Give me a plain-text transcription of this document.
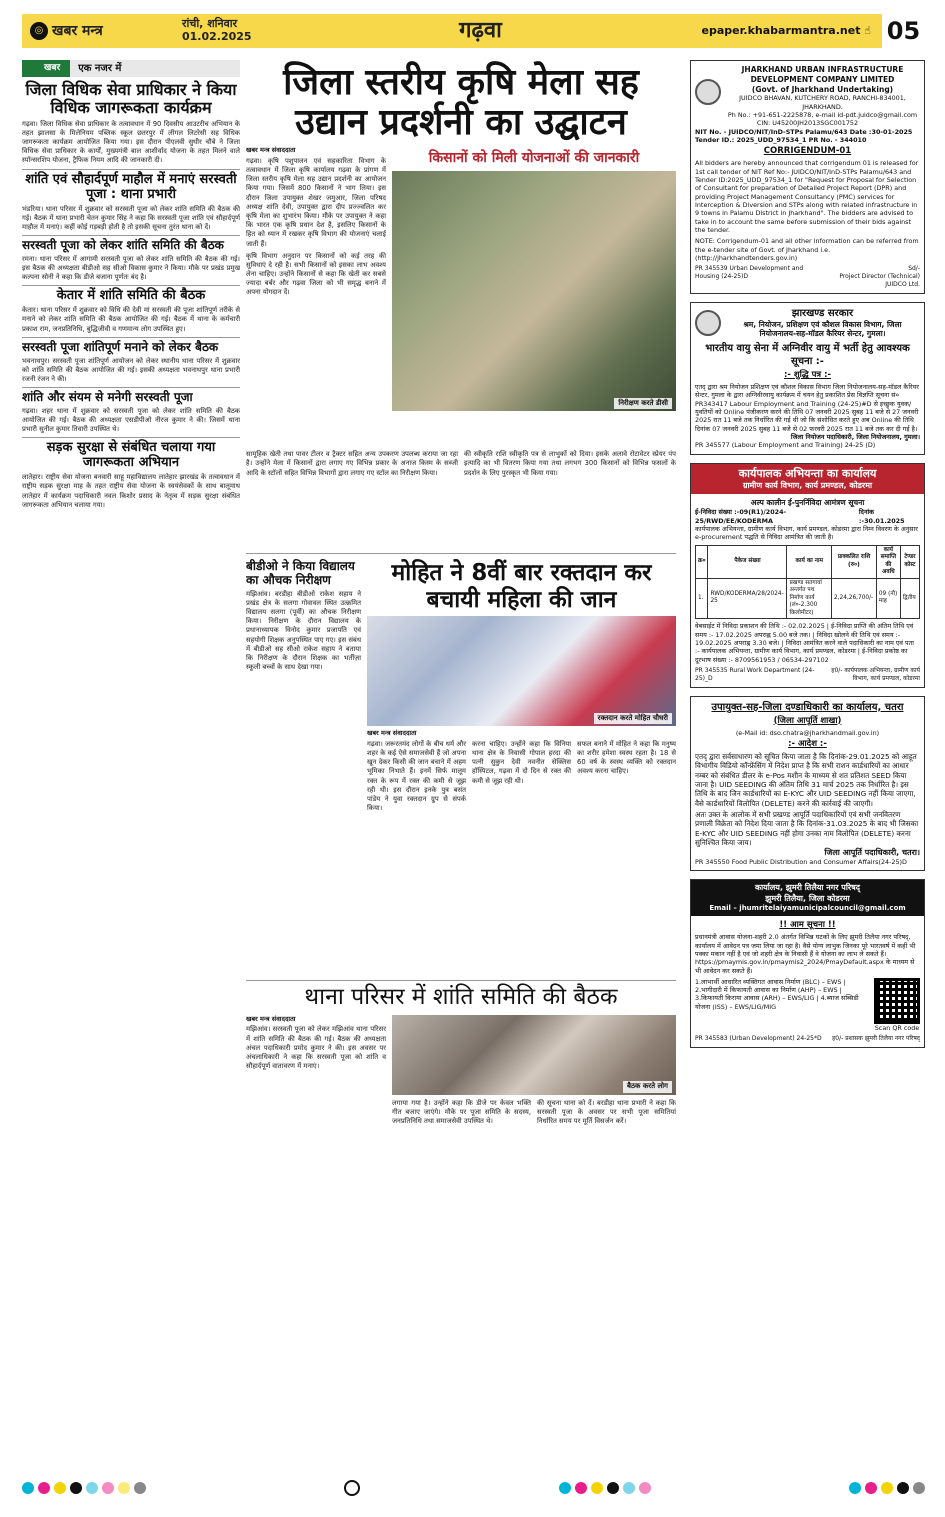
◎ खबर मन्त्र	रांची, शनिवार
01.02.2025	गढ़वा	epaper.khabarmantra.net ☝ 05
खबर	एक नजर में
जिला विधिक सेवा प्राधिकार ने किया विधिक जागरूकता कार्यक्रम
गढ़वा। जिला विधिक सेवा प्राधिकार के तत्वावधान में 90 दिवसीय आउटरीच अभियान के तहत झालसा के मिलेनियम पब्लिक स्कूल छतरपुर में लीगल लिटरेसी सह विधिक जागरूकता कार्यक्रम आयोजित किया गया। इस दौरान पीएलवी सुधीर चौबे ने जिला विधिक सेवा प्राधिकार के कार्यों, मुख्यमंत्री बाल आशीर्वाद योजना के तहत मिलने वाले स्पॉन्सरशिप योजना, ट्रैफिक नियम आदि की जानकारी दी।
शांति एवं सौहार्दपूर्ण माहौल में मनाएं सरस्वती पूजा : थाना प्रभारी
भंडरिया। थाना परिसर में शुक्रवार को सरस्वती पूजा को लेकर शांति समिति की बैठक की गई। बैठक में थाना प्रभारी चेतन कुमार सिंह ने कहा कि सरस्वती पूजा शांति एवं सौहार्दपूर्ण माहौल में मनाएं। कहीं कोई गड़बड़ी होती है तो इसकी सूचना तुरंत थाना को दें।
सरस्वती पूजा को लेकर शांति समिति की बैठक
रमना। थाना परिसर में आगामी सरस्वती पूजा को लेकर शांति समिति की बैठक की गई। इस बैठक की अध्यक्षता बीडीओ सह सीओ विकास कुमार ने किया। मौके पर प्रखंड प्रमुख कल्पना सोनी ने कहा कि डीजे बजाना पूर्णतः बंद है।
केतार में शांति समिति की बैठक
केतार। थाना परिसर में शुक्रवार को विधि की देवी मां सरस्वती की पूजा शांतिपूर्ण तरीके से मनाने को लेकर शांति समिति की बैठक आयोजित की गई। बैठक में थाना के कर्मचारी प्रकाश राम, जनप्रतिनिधि, बुद्धिजीवी व गणमान्य लोग उपस्थित हुए।
सरस्वती पूजा शांतिपूर्ण मनाने को लेकर बैठक
भवनाथपुर। सरस्वती पूजा शांतिपूर्ण आयोजन को लेकर स्थानीय थाना परिसर में शुक्रवार को शांति समिति की बैठक आयोजित की गई। इसकी अध्यक्षता भवनाथपुर थाना प्रभारी रजनी रंजन ने की।
शांति और संयम से मनेगी सरस्वती पूजा
गढ़वा। शहर थाना में शुक्रवार को सरस्वती पूजा को लेकर शांति समिति की बैठक आयोजित की गई। बैठक की अध्यक्षता एसडीपीओ नीरज कुमार ने की। जिसमें थाना प्रभारी सुनील कुमार तिवारी उपस्थित थे।
सड़क सुरक्षा से संबंधित चलाया गया जागरूकता अभियान
लातेहार। राष्ट्रीय सेवा योजना बनवारी साहू महाविद्यालय लातेहार झारखंड के तत्वावधान में राष्ट्रीय सड़क सुरक्षा माह के तहत राष्ट्रीय सेवा योजना के स्वयंसेवकों के साथ बालूमाथ लातेहार में कार्यक्रम पदाधिकारी नवल किशोर प्रसाद के नेतृत्व में सड़क सुरक्षा संबंधित जागरूकता अभियान चलाया गया।
जिला स्तरीय कृषि मेला सह उद्यान प्रदर्शनी का उद्घाटन
खबर मन्त्र संवाददाता
गढ़वा। कृषि पशुपालन एवं सहकारिता विभाग के तत्वावधान में जिला कृषि कार्यालय गढ़वा के प्रांगण में जिला स्तरीय कृषि मेला सह उद्यान प्रदर्शनी का आयोजन किया गया। जिसमें 800 किसानों ने भाग लिया। इस दौरान जिला उपायुक्त शेखर जमुआर, जिला परिषद अध्यक्ष शांति देवी, उपायुक्त द्वारा दीप प्रज्ज्वलित कर कृषि मेला का शुभारंभ किया। मौके पर उपायुक्त ने कहा कि भारत एक कृषि प्रधान देश है, इसलिए किसानों के हित को ध्यान में रखकर कृषि विभाग की योजनाएं चलाई जाती हैं।
कृषि विभाग अनुदान पर किसानों को कई तरह की सुविधाएं दे रही है। सभी किसानों को इसका लाभ अवश्य लेना चाहिए। उन्होंने किसानों से कहा कि खेती कर सबसे ज्यादा बर्बर और गढ़वा जिला को भी समृद्ध बनाने में अपना योगदान दें।
किसानों को मिली योजनाओं की जानकारी
निरीक्षण करते डीसी
सामूहिक खेती तथा पावर टीलर व ट्रैक्टर सहित अन्य उपकरण उपलब्ध कराया जा रहा है। उन्होंने मेला में किसानों द्वारा लगाए गए विभिन्न प्रकार के अनाज किस्म के सब्जी आदि के स्टॉलों सहित विभिन्न विभागों द्वारा लगाए गए स्टॉल का निरीक्षण किया।
की स्वीकृति राशि स्वीकृति पत्र से लाभुकों को दिया। इसके अलावे रोटावेटर स्प्रेयर पंप इत्यादि का भी वितरण किया गया तथा लगभग 300 किसानों को विभिन्न फसलों के प्रदर्शन के लिए पुरस्कृत भी किया गया।
बीडीओ ने किया विद्यालय का औचक निरीक्षण
मझिआंव। बरडीहा बीडीओ राकेश सहाय ने प्रखंड क्षेत्र के सलगा गोवावल स्थित उत्क्रमित विद्यालय सलगा (पूर्वी) का औचक निरीक्षण किया। निरीक्षण के दौरान विद्यालय के प्रधानाध्यापक विनोद कुमार प्रजापति एवं सहयोगी शिक्षक अनुपस्थित पाए गए। इस संबंध में बीडीओ सह सीओ राकेश सहाय ने बताया कि निरीक्षण के दौरान शिक्षक का भर्तीज़ा स्कूली बच्चों के साथ देखा गया।
मोहित ने 8वीं बार रक्तदान कर बचायी महिला की जान
रक्तदान करते मोहित चौधरी
खबर मन्त्र संवाददाता
गढ़वा। जरूरतमंद लोगों के बीच धर्म और शहर के कई ऐसे समाजसेवी हैं जो अपना खून देकर किसी की जान बचाने में अहम भूमिका निभाते हैं। इनमें सिर्फ मालूम रक्त के रूप में रक्त की कमी से जूझ रही थी। इस दौरान इनके पुत्र बसंत पांडेय ने युवा रक्तदान ग्रुप से संपर्क किया।
करना चाहिए। उन्होंने कहा कि विनिया थाना क्षेत्र के निवासी गोपाल हरदा की पत्नी सुकुन देवी नवनीत सेक्लिस हॉस्पिटल, गढ़वा में दो दिन से रक्त की कमी से जूझ रही थी।
सफल बनाने में मोहित ने कहा कि मनुष्य का शरीर हमेशा स्वस्थ रहता है। 18 से 60 वर्ष के स्वस्थ व्यक्ति को रक्तदान अवश्य करना चाहिए।
थाना परिसर में शांति समिति की बैठक
खबर मन्त्र संवाददाता
मझिआंव। सरस्वती पूजा को लेकर मझिआंव थाना परिसर में शांति समिति की बैठक की गई। बैठक की अध्यक्षता अंचल पदाधिकारी प्रमोद कुमार ने की। इस अवसर पर अंचलाधिकारी ने कहा कि सरस्वती पूजा को शांति व सौहार्दपूर्ण वातावरण में मनाएं।
बैठक करते लोग
लगाया गया है। उन्होंने कहा कि डीजे पर केवल भक्ति गीत बजाए जाएंगे। मौके पर पूजा समिति के सदस्य, जनप्रतिनिधि तथा समाजसेवी उपस्थित थे।
की सूचना थाना को दें। बरडीहा थाना प्रभारी ने कहा कि सरस्वती पूजा के अवसर पर सभी पूजा समितियां निर्धारित समय पर मूर्ति विसर्जन करें।
JHARKHAND URBAN INFRASTRUCTURE DEVELOPMENT COMPANY LIMITED
(Govt. of Jharkhand Undertaking)
JUIDCO BHAVAN, KUTCHERY ROAD, RANCHI-834001, JHARKHAND.
Ph No.: +91-651-2225878, e-mail id-pdt.juidco@gmail.com
CIN: U45200JH2013SGC001752
NIT No. - JUIDCO/NIT/InD-STPs Palamu/643 Date :30-01-2025
Tender ID.: 2025_UDD_97534_1 PR No. - 344010
CORRIGENDUM-01
All bidders are hereby announced that corrigendum 01 is released for 1st call tender of NIT Ref No:- JUIDCO/NIT/InD-STPs Palamu/643 and Tender ID:2025_UDD_97534_1 for "Request for Proposal for Selection of Consultant for preparation of Detailed Project Report (DPR) and providing Project Management Consultancy (PMC) services for Interception & Diversion and STPs along with related infrastructure in 9 towns in Palamu District in Jharkhand". The bidders are advised to take in to account the same before submission of their bids against the tender.
NOTE: Corrigendum-01 and all other information can be referred from the e-tender site of Govt. of Jharkhand i.e. (http://jharkhandtenders.gov.in)
PR 345539 Urban Development and Housing (24-25)D
Sd/-
Project Director (Technical) JUIDCO Ltd.
झारखण्ड सरकार
श्रम, नियोजन, प्रशिक्षण एवं कौशल विकास विभाग, जिला नियोजनालय-सह-मॉडल कैरियर सेन्टर, गुमला।
भारतीय वायु सेना में अग्निवीर वायु में भर्ती हेतु आवश्यक सूचना :-
:- शुद्धि पत्र :-
एतद् द्वारा श्रम नियोजन प्रशिक्षण एवं कौशल विकास विभाग जिला नियोजनालय-सह-मॉडल कैरियर सेन्टर, गुमला के द्वारा अग्निवीरवायु कार्यक्रम में चयन हेतु प्रकाशित प्रेस विज्ञप्ति सूचना सं० PR343417 Labour Employment and Training (24-25)#D से इच्छुक युवक/युवतियों को Online पंजीकरण करने की तिथि 07 जनवरी 2025 सुबह 11 बजे से 27 जनवरी 2025 रात 11 बजे तक निर्धारित की गई थी जो कि संशोधित करते हुए अब Online की तिथि दिनांक 07 जनवरी 2025 सुबह 11 बजे से 02 फरवरी 2025 रात 11 बजे तक कर दी गई है।
जिला नियोजन पदाधिकारी, जिला नियोजनालय, गुमला।
PR 345577 (Labour Employment and Training) 24-25 (D)
कार्यपालक अभियन्ता का कार्यालय
ग्रामीण कार्य विभाग, कार्य प्रमण्डल, कोडरमा
अल्प कालीन ई-पुनर्निविदा आमंत्रण सूचना
ई-निविदा संख्या :-09(R1)/2024-25/RWD/EE/KODERMA
दिनांक :-30.01.2025
कार्यपालक अभियन्ता, ग्रामीण कार्य विभाग, कार्य प्रमण्डल, कोडरमा द्वारा निम्न विवरण के अनुसार e-procurement पद्धति से निविदा आमंत्रित की जाती है।
क्र०	पैकेज संख्या	कार्य का नाम	प्राक्कलित राशि (रु०)	कार्य समाप्ति की अवधि	टेण्डर कोस्ट
1.	RWD/KODERMA/28/2024-25	प्रखण्ड सतगावां अन्तर्गत पथ निर्माण कार्य (लं०-2.300 किलोमीटर)	2,24,26,700/-	09 (नौ) माह	द्वितीय
वेबसाईट में निविदा प्रकाशन की तिथि :- 02.02.2025 | ई-निविदा प्राप्ति की अंतिम तिथि एवं समय :- 17.02.2025 अपराह्न 5.00 बजे तक। | निविदा खोलने की तिथि एवं समय :- 19.02.2025 अपराह्न 3.30 बजे। | निविदा आमंत्रित करने वाले पदाधिकारी का नाम एवं पता :- कार्यपालक अभियन्ता, ग्रामीण कार्य विभाग, कार्य प्रमण्डल, कोडरमा | ई-निविदा प्रकोष्ठ का दूरभाष संख्या :- 8709561953 / 06534-297102
PR 345535 Rural Work Department (24-25)_D
ह0/- कार्यपालक अभियन्ता, ग्रामीण कार्य विभाग, कार्य प्रमण्डल, कोडरमा
उपायुक्त-सह-जिला दण्डाधिकारी का कार्यालय, चतरा
(जिला आपूर्ति शाखा)
(e-Mail id: dso.chatra@jharkhandmail.gov.in)
:- आदेश :-
एतद् द्वारा सर्वसाधारण को सूचित किया जाता है कि दिनांक-29.01.2025 को आहूत विभागीय विडियो कॉन्फ्रेंसिंग में निदेश प्राप्त है कि सभी राशन कार्डधारियों का आधार नम्बर को संबंधित डीलर के e-Pos मशीन के माध्यम से शत प्रतिशत SEED किया जाना है। UID SEEDING की अंतिम तिथि 31 मार्च 2025 तक निर्धारित है। इस तिथि के बाद जिन कार्डधारियों का E-KYC और UID SEEDING नहीं किया जाएगा, वैसे कार्डधारियों विलोपित (DELETE) करने की कार्रवाई की जाएगी।
अतः उक्त के आलोक में सभी प्रखण्ड आपूर्ति पदाधिकारियों एवं सभी जनवितरण प्रणाली विक्रेता को निदेश दिया जाता है कि दिनांक-31.03.2025 के बाद भी जिसका E-KYC और UID SEEDING नहीं होगा उनका नाम विलोपित (DELETE) करना सुनिश्चित किया जाय।
जिला आपूर्ति पदाधिकारी, चतरा।
PR 345550 Food Public Distribution and Consumer Affairs(24-25)D
कार्यालय, झुमरी तिलैया नगर परिषद्
झुमरी तिलैया, जिला कोडरमा
Email – jhumritelaiyamunicipalcouncil@gmail.com
!! आम सूचना !!
प्रधानमंत्री आवास योजना-शहरी 2.0 अंतर्गत विभिन्न घटकों के लिए झुमरी तिलैया नगर परिषद्, कार्यालय में आवेदन पत्र जमा लिया जा रहा है। वैसे योग्य लाभुक जिनका पूरे भारतवर्ष में कहीं भी पक्का मकान नहीं है एवं जो शहरी क्षेत्र के निवासी हैं वे योजना का लाभ ले सकते हैं। https://pmaymis.gov.in/pmaymis2_2024/PmayDefault.aspx के माध्यम से भी आवेदन कर सकते हैं।
1.लाभार्थी आधारित व्यक्तिगत आवास निर्माण (BLC) – EWS | 2.भागीदारी में किफायती आवास का निर्माण (AHP) – EWS | 3.किफायती किराया आवास (ARH) – EWS/LIG | 4.ब्याज सब्सिडी योजना (ISS) – EWS/LIG/MIG
Scan QR code
PR 345583 (Urban Development) 24-25*D ह0/- प्रशासक झुमरी तिलैया नगर परिषद्
